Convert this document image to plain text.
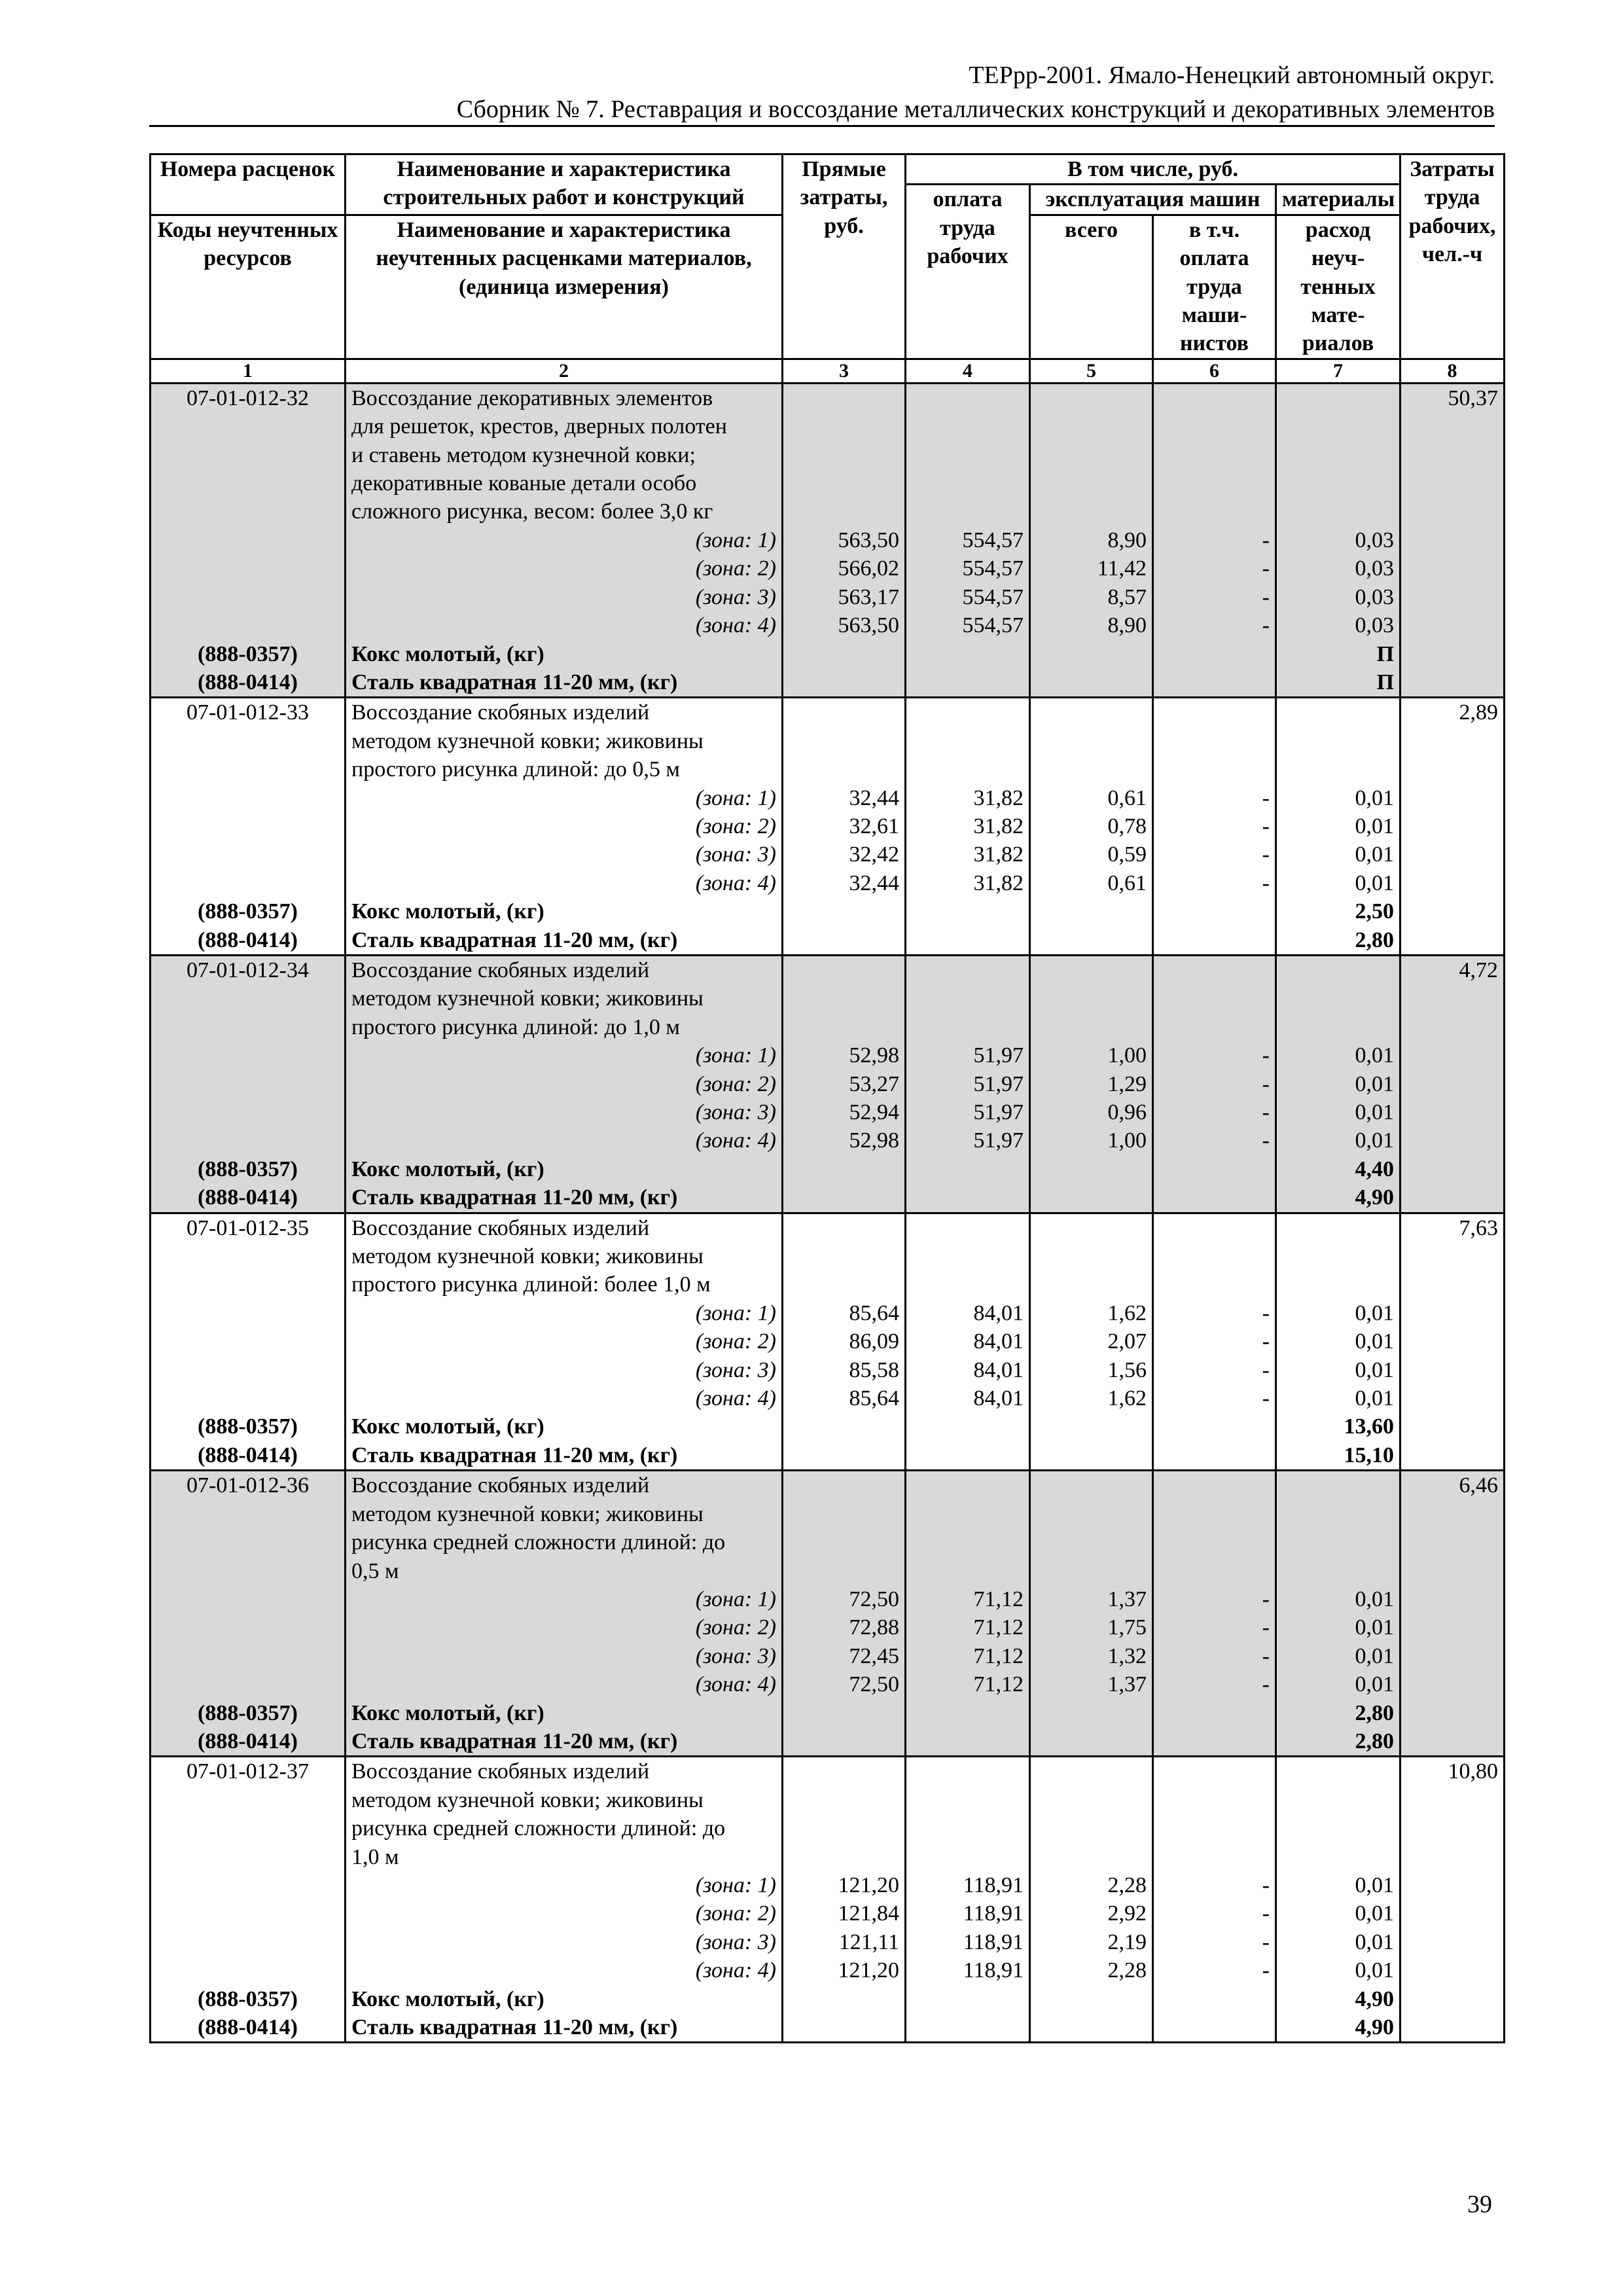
ТЕРрр-2001. Ямало-Ненецкий автономный округ.
Сборник № 7. Реставрация и воссоздание металлических конструкций и декоративных элементов
Номера расценок	Наименование и характеристика строительных работ и конструкций	Прямые затраты, руб.	В том числе, руб.				Затраты труда рабочих, чел.-ч
			оплата труда рабочих	эксплуатация машин		материалы	
Коды неучтенных ресурсов	Наименование и характеристика неучтенных расценками материалов, (единица измерения)			всего	в т.ч. оплата труда маши-нистов	расход неуч-тенных мате-риалов	
1	2	3	4	5	6	7	8
07-01-012-32	Воссоздание декоративных элементов						50,37
	для решеток, крестов, дверных полотен						
	и ставень методом кузнечной ковки;						
	декоративные кованые детали особо						
	сложного рисунка, весом: более 3,0 кг						
	(зона: 1)	563,50	554,57	8,90	-	0,03	
	(зона: 2)	566,02	554,57	11,42	-	0,03	
	(зона: 3)	563,17	554,57	8,57	-	0,03	
	(зона: 4)	563,50	554,57	8,90	-	0,03	
(888-0357)	Кокс молотый, (кг)					П	
(888-0414)	Сталь квадратная 11-20 мм, (кг)					П	
07-01-012-33	Воссоздание скобяных изделий						2,89
	методом кузнечной ковки; жиковины						
	простого рисунка длиной: до 0,5 м						
	(зона: 1)	32,44	31,82	0,61	-	0,01	
	(зона: 2)	32,61	31,82	0,78	-	0,01	
	(зона: 3)	32,42	31,82	0,59	-	0,01	
	(зона: 4)	32,44	31,82	0,61	-	0,01	
(888-0357)	Кокс молотый, (кг)					2,50	
(888-0414)	Сталь квадратная 11-20 мм, (кг)					2,80	
07-01-012-34	Воссоздание скобяных изделий						4,72
	методом кузнечной ковки; жиковины						
	простого рисунка длиной: до 1,0 м						
	(зона: 1)	52,98	51,97	1,00	-	0,01	
	(зона: 2)	53,27	51,97	1,29	-	0,01	
	(зона: 3)	52,94	51,97	0,96	-	0,01	
	(зона: 4)	52,98	51,97	1,00	-	0,01	
(888-0357)	Кокс молотый, (кг)					4,40	
(888-0414)	Сталь квадратная 11-20 мм, (кг)					4,90	
07-01-012-35	Воссоздание скобяных изделий						7,63
	методом кузнечной ковки; жиковины						
	простого рисунка длиной: более 1,0 м						
	(зона: 1)	85,64	84,01	1,62	-	0,01	
	(зона: 2)	86,09	84,01	2,07	-	0,01	
	(зона: 3)	85,58	84,01	1,56	-	0,01	
	(зона: 4)	85,64	84,01	1,62	-	0,01	
(888-0357)	Кокс молотый, (кг)					13,60	
(888-0414)	Сталь квадратная 11-20 мм, (кг)					15,10	
07-01-012-36	Воссоздание скобяных изделий						6,46
	методом кузнечной ковки; жиковины						
	рисунка средней сложности длиной: до						
	0,5 м						
	(зона: 1)	72,50	71,12	1,37	-	0,01	
	(зона: 2)	72,88	71,12	1,75	-	0,01	
	(зона: 3)	72,45	71,12	1,32	-	0,01	
	(зона: 4)	72,50	71,12	1,37	-	0,01	
(888-0357)	Кокс молотый, (кг)					2,80	
(888-0414)	Сталь квадратная 11-20 мм, (кг)					2,80	
07-01-012-37	Воссоздание скобяных изделий						10,80
	методом кузнечной ковки; жиковины						
	рисунка средней сложности длиной: до						
	1,0 м						
	(зона: 1)	121,20	118,91	2,28	-	0,01	
	(зона: 2)	121,84	118,91	2,92	-	0,01	
	(зона: 3)	121,11	118,91	2,19	-	0,01	
	(зона: 4)	121,20	118,91	2,28	-	0,01	
(888-0357)	Кокс молотый, (кг)					4,90	
(888-0414)	Сталь квадратная 11-20 мм, (кг)					4,90	
39
